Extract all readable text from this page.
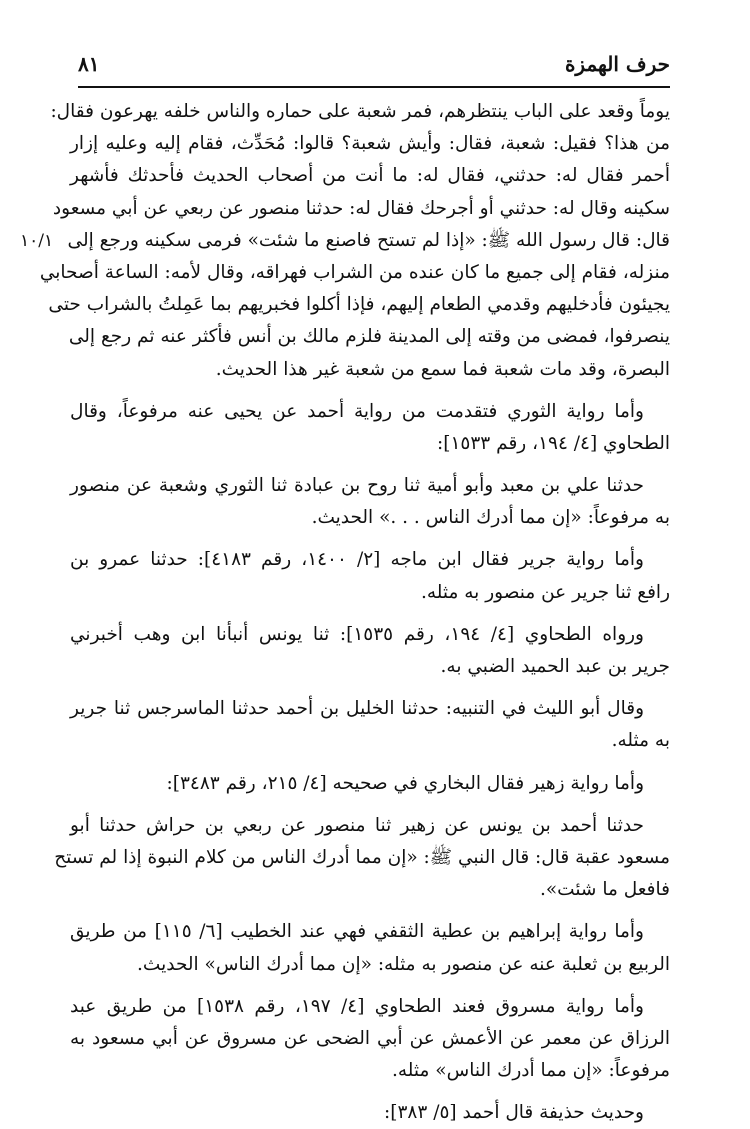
حرف الهمزة
٨١
يوماً وقعد على الباب ينتظرهم، فمر شعبة على حماره والناس خلفه يهرعون فقال:
من هذا؟ فقيل: شعبة، فقال: وأيش شعبة؟ قالوا: مُحَدِّث، فقام إليه وعليه إزار
أحمر فقال له: حدثني، فقال له: ما أنت من أصحاب الحديث فأحدثك فأشهر
سكينه وقال له: حدثني أو أجرحك فقال له: حدثنا منصور عن ربعي عن أبي مسعود
قال: قال رسول الله ﷺ: «إذا لم تستح فاصنع ما شئت» فرمى سكينه ورجع إلى
١٠/١
منزله، فقام إلى جميع ما كان عنده من الشراب فهراقه، وقال لأمه: الساعة أصحابي
يجيئون فأدخليهم وقدمي الطعام إليهم، فإذا أكلوا فخبريهم بما عَمِلتُ بالشراب حتى
ينصرفوا، فمضى من وقته إلى المدينة فلزم مالك بن أنس فأكثر عنه ثم رجع إلى
البصرة، وقد مات شعبة فما سمع من شعبة غير هذا الحديث.
وأما رواية الثوري فتقدمت من رواية أحمد عن يحيى عنه مرفوعاً، وقال
الطحاوي [٤/ ١٩٤، رقم ١٥٣٣]:
حدثنا علي بن معبد وأبو أمية ثنا روح بن عبادة ثنا الثوري وشعبة عن منصور
به مرفوعاً: «إن مما أدرك الناس . . .» الحديث.
وأما رواية جرير فقال ابن ماجه [٢/ ١٤٠٠، رقم ٤١٨٣]: حدثنا عمرو بن
رافع ثنا جرير عن منصور به مثله.
ورواه الطحاوي [٤/ ١٩٤، رقم ١٥٣٥]: ثنا يونس أنبأنا ابن وهب أخبرني
جرير بن عبد الحميد الضبي به.
وقال أبو الليث في التنبيه: حدثنا الخليل بن أحمد حدثنا الماسرجس ثنا جرير
به مثله.
وأما رواية زهير فقال البخاري في صحيحه [٤/ ٢١٥، رقم ٣٤٨٣]:
حدثنا أحمد بن يونس عن زهير ثنا منصور عن ربعي بن حراش حدثنا أبو
مسعود عقبة قال: قال النبي ﷺ: «إن مما أدرك الناس من كلام النبوة إذا لم تستح
فافعل ما شئت».
وأما رواية إبراهيم بن عطية الثقفي فهي عند الخطيب [٦/ ١١٥] من طريق
الربيع بن ثعلبة عنه عن منصور به مثله: «إن مما أدرك الناس» الحديث.
وأما رواية مسروق فعند الطحاوي [٤/ ١٩٧، رقم ١٥٣٨] من طريق عبد
الرزاق عن معمر عن الأعمش عن أبي الضحى عن مسروق عن أبي مسعود به
مرفوعاً: «إن مما أدرك الناس» مثله.
وحديث حذيفة قال أحمد [٥/ ٣٨٣]:
